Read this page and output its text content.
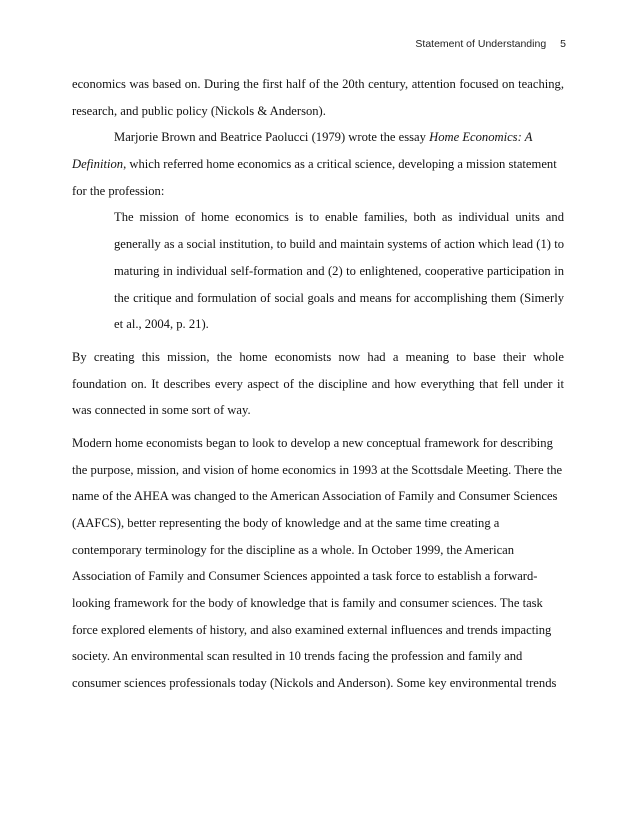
Statement of Understanding 5
economics was based on. During the first half of the 20th century, attention focused on teaching,
research, and public policy (Nickols & Anderson).
Marjorie Brown and Beatrice Paolucci (1979) wrote the essay Home Economics: A
Definition, which referred home economics as a critical science, developing a mission statement
for the profession:
The mission of home economics is to enable families, both as individual units and
generally as a social institution, to build and maintain systems of action which lead (1) to
maturing in individual self-formation and (2) to enlightened, cooperative participation in
the critique and formulation of social goals and means for accomplishing them (Simerly
et al., 2004, p. 21).
By creating this mission, the home economists now had a meaning to base their whole
foundation on. It describes every aspect of the discipline and how everything that fell under it
was connected in some sort of way.
Modern home economists began to look to develop a new conceptual framework for describing
the purpose, mission, and vision of home economics in 1993 at the Scottsdale Meeting. There the
name of the AHEA was changed to the American Association of Family and Consumer Sciences
(AAFCS), better representing the body of knowledge and at the same time creating a
contemporary terminology for the discipline as a whole. In October 1999, the American
Association of Family and Consumer Sciences appointed a task force to establish a forward-
looking framework for the body of knowledge that is family and consumer sciences. The task
force explored elements of history, and also examined external influences and trends impacting
society. An environmental scan resulted in 10 trends facing the profession and family and
consumer sciences professionals today (Nickols and Anderson). Some key environmental trends
